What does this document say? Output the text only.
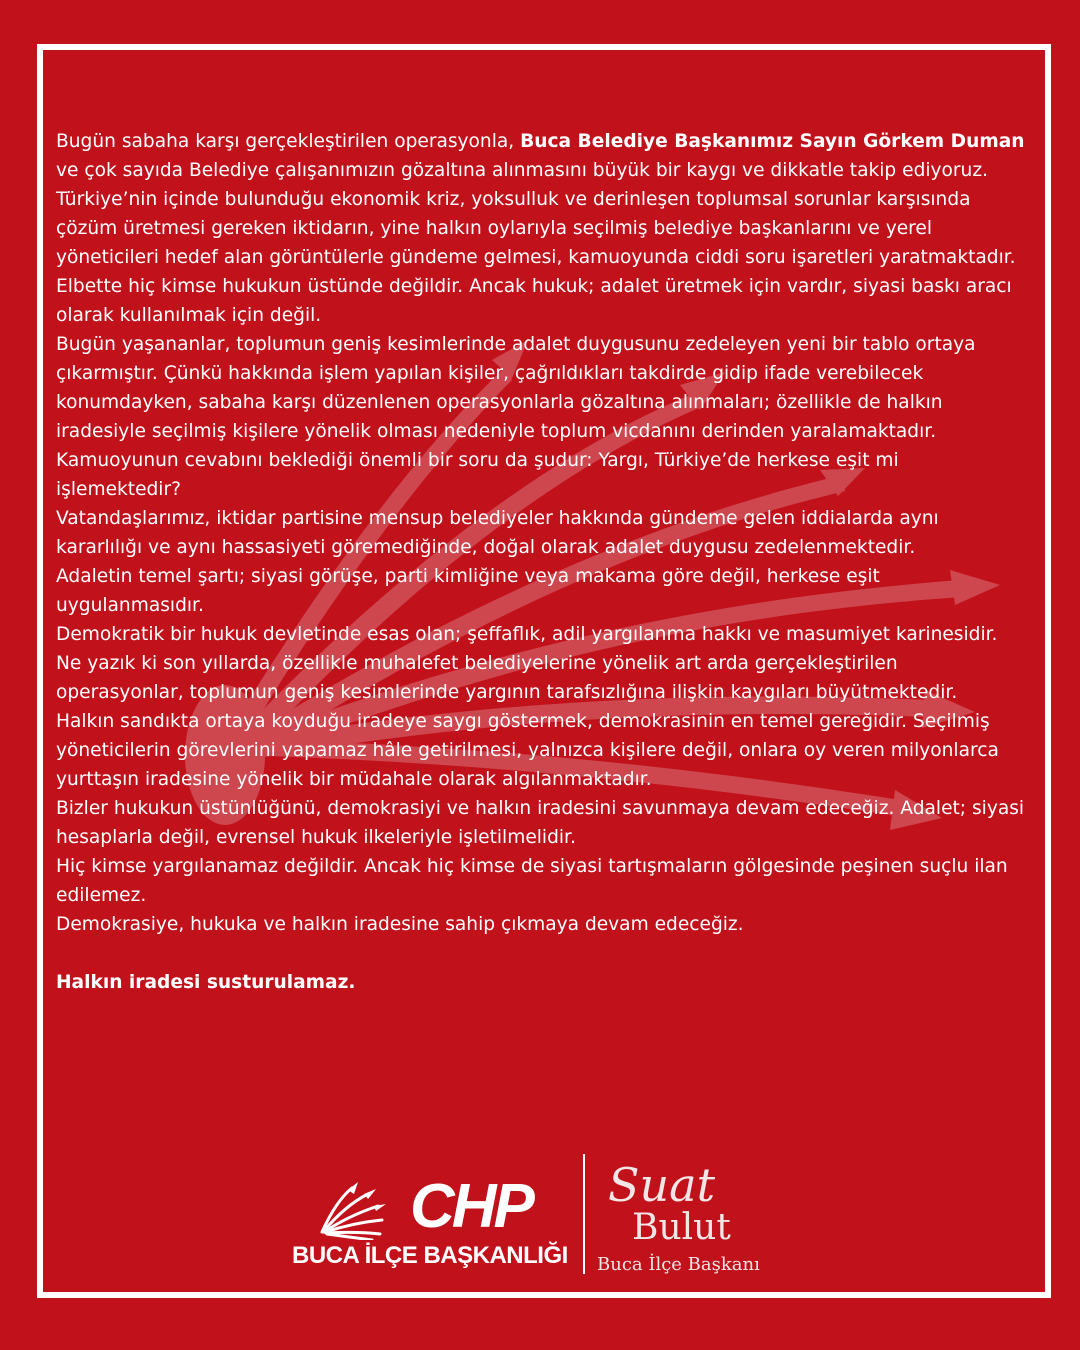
Bugün sabaha karşı gerçekleştirilen operasyonla, Buca Belediye Başkanımız Sayın Görkem Duman ve çok sayıda Belediye çalışanımızın gözaltına alınmasını büyük bir kaygı ve dikkatle takip ediyoruz.

Türkiye’nin içinde bulunduğu ekonomik kriz, yoksulluk ve derinleşen toplumsal sorunlar karşısında çözüm üretmesi gereken iktidarın, yine halkın oylarıyla seçilmiş belediye başkanlarını ve yerel yöneticileri hedef alan görüntülerle gündeme gelmesi, kamuoyunda ciddi soru işaretleri yaratmaktadır.

Elbette hiç kimse hukukun üstünde değildir. Ancak hukuk; adalet üretmek için vardır, siyasi baskı aracı olarak kullanılmak için değil.

Bugün yaşananlar, toplumun geniş kesimlerinde adalet duygusunu zedeleyen yeni bir tablo ortaya çıkarmıştır. Çünkü hakkında işlem yapılan kişiler, çağrıldıkları takdirde gidip ifade verebilecek konumdayken, sabaha karşı düzenlenen operasyonlarla gözaltına alınmaları; özellikle de halkın iradesiyle seçilmiş kişilere yönelik olması nedeniyle toplum vicdanını derinden yaralamaktadır.

Kamuoyunun cevabını beklediği önemli bir soru da şudur: Yargı, Türkiye’de herkese eşit mi işlemektedir?

Vatandaşlarımız, iktidar partisine mensup belediyeler hakkında gündeme gelen iddialarda aynı kararlılığı ve aynı hassasiyeti göremediğinde, doğal olarak adalet duygusu zedelenmektedir.

Adaletin temel şartı; siyasi görüşe, parti kimliğine veya makama göre değil, herkese eşit uygulanmasıdır.

Demokratik bir hukuk devletinde esas olan; şeffaflık, adil yargılanma hakkı ve masumiyet karinesidir. Ne yazık ki son yıllarda, özellikle muhalefet belediyelerine yönelik art arda gerçekleştirilen operasyonlar, toplumun geniş kesimlerinde yargının tarafsızlığına ilişkin kaygıları büyütmektedir.

Halkın sandıkta ortaya koyduğu iradeye saygı göstermek, demokrasinin en temel gereğidir. Seçilmiş yöneticilerin görevlerini yapamaz hâle getirilmesi, yalnızca kişilere değil, onlara oy veren milyonlarca yurttaşın iradesine yönelik bir müdahale olarak algılanmaktadır.

Bizler hukukun üstünlüğünü, demokrasiyi ve halkın iradesini savunmaya devam edeceğiz. Adalet; siyasi hesaplarla değil, evrensel hukuk ilkeleriyle işletilmelidir.

Hiç kimse yargılanamaz değildir. Ancak hiç kimse de siyasi tartışmaların gölgesinde peşinen suçlu ilan edilemez.

Demokrasiye, hukuka ve halkın iradesine sahip çıkmaya devam edeceğiz.

Halkın iradesi susturulamaz.

CHP
BUCA İLÇE BAŞKANLIĞI
Suat
Bulut
Buca İlçe Başkanı
